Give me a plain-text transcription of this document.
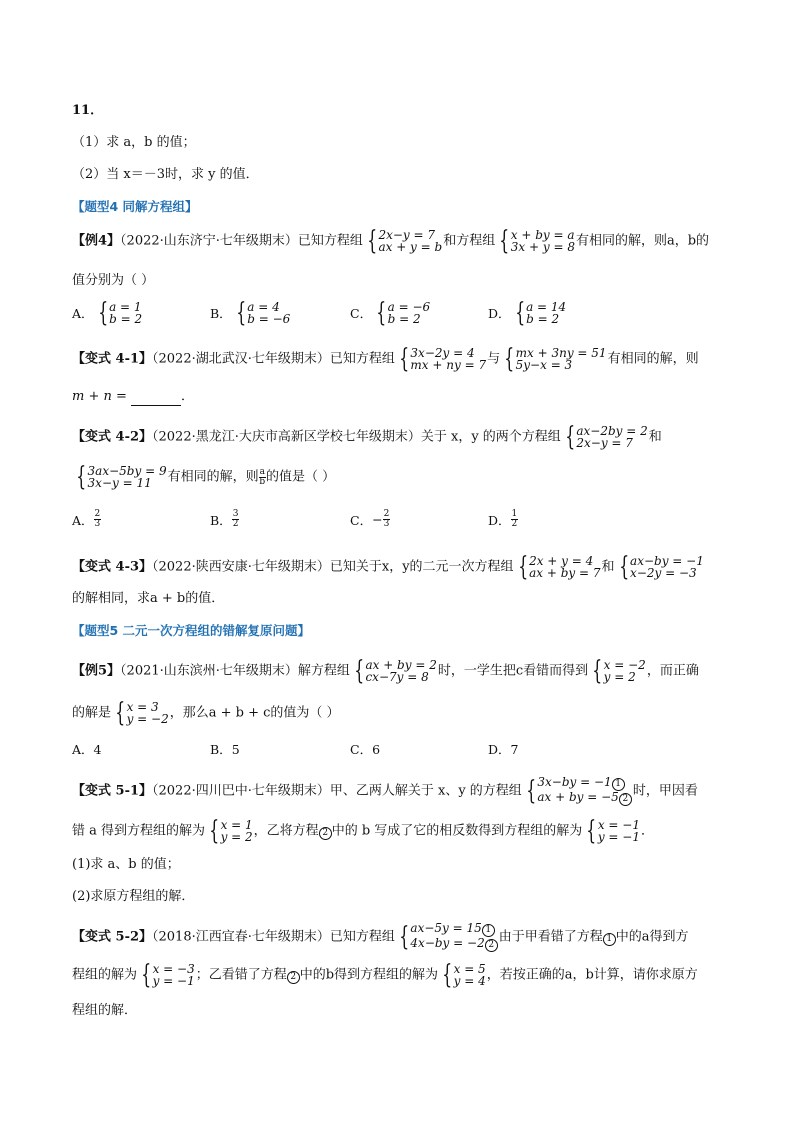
11．
（1）求 a，b 的值；
（2）当 x＝－3时，求 y 的值．
【题型4 同解方程组】
【例4】（2022·山东济宁·七年级期末）已知方程组 { 2x−y = 7
ax + y = b 和方程组 { x + by = a
3x + y = 8 有相同的解，则a，b的
值分别为（ ）
A． { a = 1
b = 2	B． { a = 4
b = −6	C． { a = −6
b = 2	D． { a = 14
b = 2
【变式 4-1】（2022·湖北武汉·七年级期末）已知方程组 { 3x−2y = 4
mx + ny = 7 与 { mx + 3ny = 51
5y−x = 3	有相同的解，则
m + n =	．
【变式 4-2】（2022·黑龙江·大庆市高新区学校七年级期末）关于 x，y 的两个方程组 { ax−2by = 2
2x−y = 7	和
{ 3ax−5by = 9
3x−y = 11	有相同的解，则 $\frac{a}{b}$ 的值是（ ）
A． $\frac{2}{3}$	B． $\frac{3}{2}$	C． − $\frac{2}{3}$	D． $\frac{1}{2}$
【变式 4-3】（2022·陕西安康·七年级期末）已知关于x，y的二元一次方程组 { 2x + y = 4
ax + by = 7 和 { ax−by = −1
x−2y = −3
的解相同，求a + b的值．
【题型5 二元一次方程组的错解复原问题】
【例5】（2021·山东滨州·七年级期末）解方程组 { ax + by = 2
cx−7y = 8 时，一学生把c看错而得到 { x = −2
y = 2 ，而正确
的解是 { x = 3
y = −2 ，那么a + b + c的值为（ ）
A． 4	B． 5	C． 6	D． 7
【变式 5-1】（2022·四川巴中·七年级期末）甲、乙两人解关于 x、y 的方程组 { 3x−by = −1 1
ax + by = −5 2
时，甲因看
错 a 得到方程组的解为 { x = 1
y = 2 ，乙将方程 2 中的 b 写成了它的相反数得到方程组的解为 { x = −1
y = −1 ．
(1)求 a、b 的值；
(2)求原方程组的解．
【变式 5-2】（2018·江西宜春·七年级期末）已知方程组 { ax−5y = 15 1
4x−by = −2 2
由于甲看错了方程 1 中的a得到方
程组的解为 { x = −3
y = −1 ；乙看错了方程 2 中的b得到方程组的解为 { x = 5
y = 4 ，若按正确的a，b计算，请你求原方
程组的解．
